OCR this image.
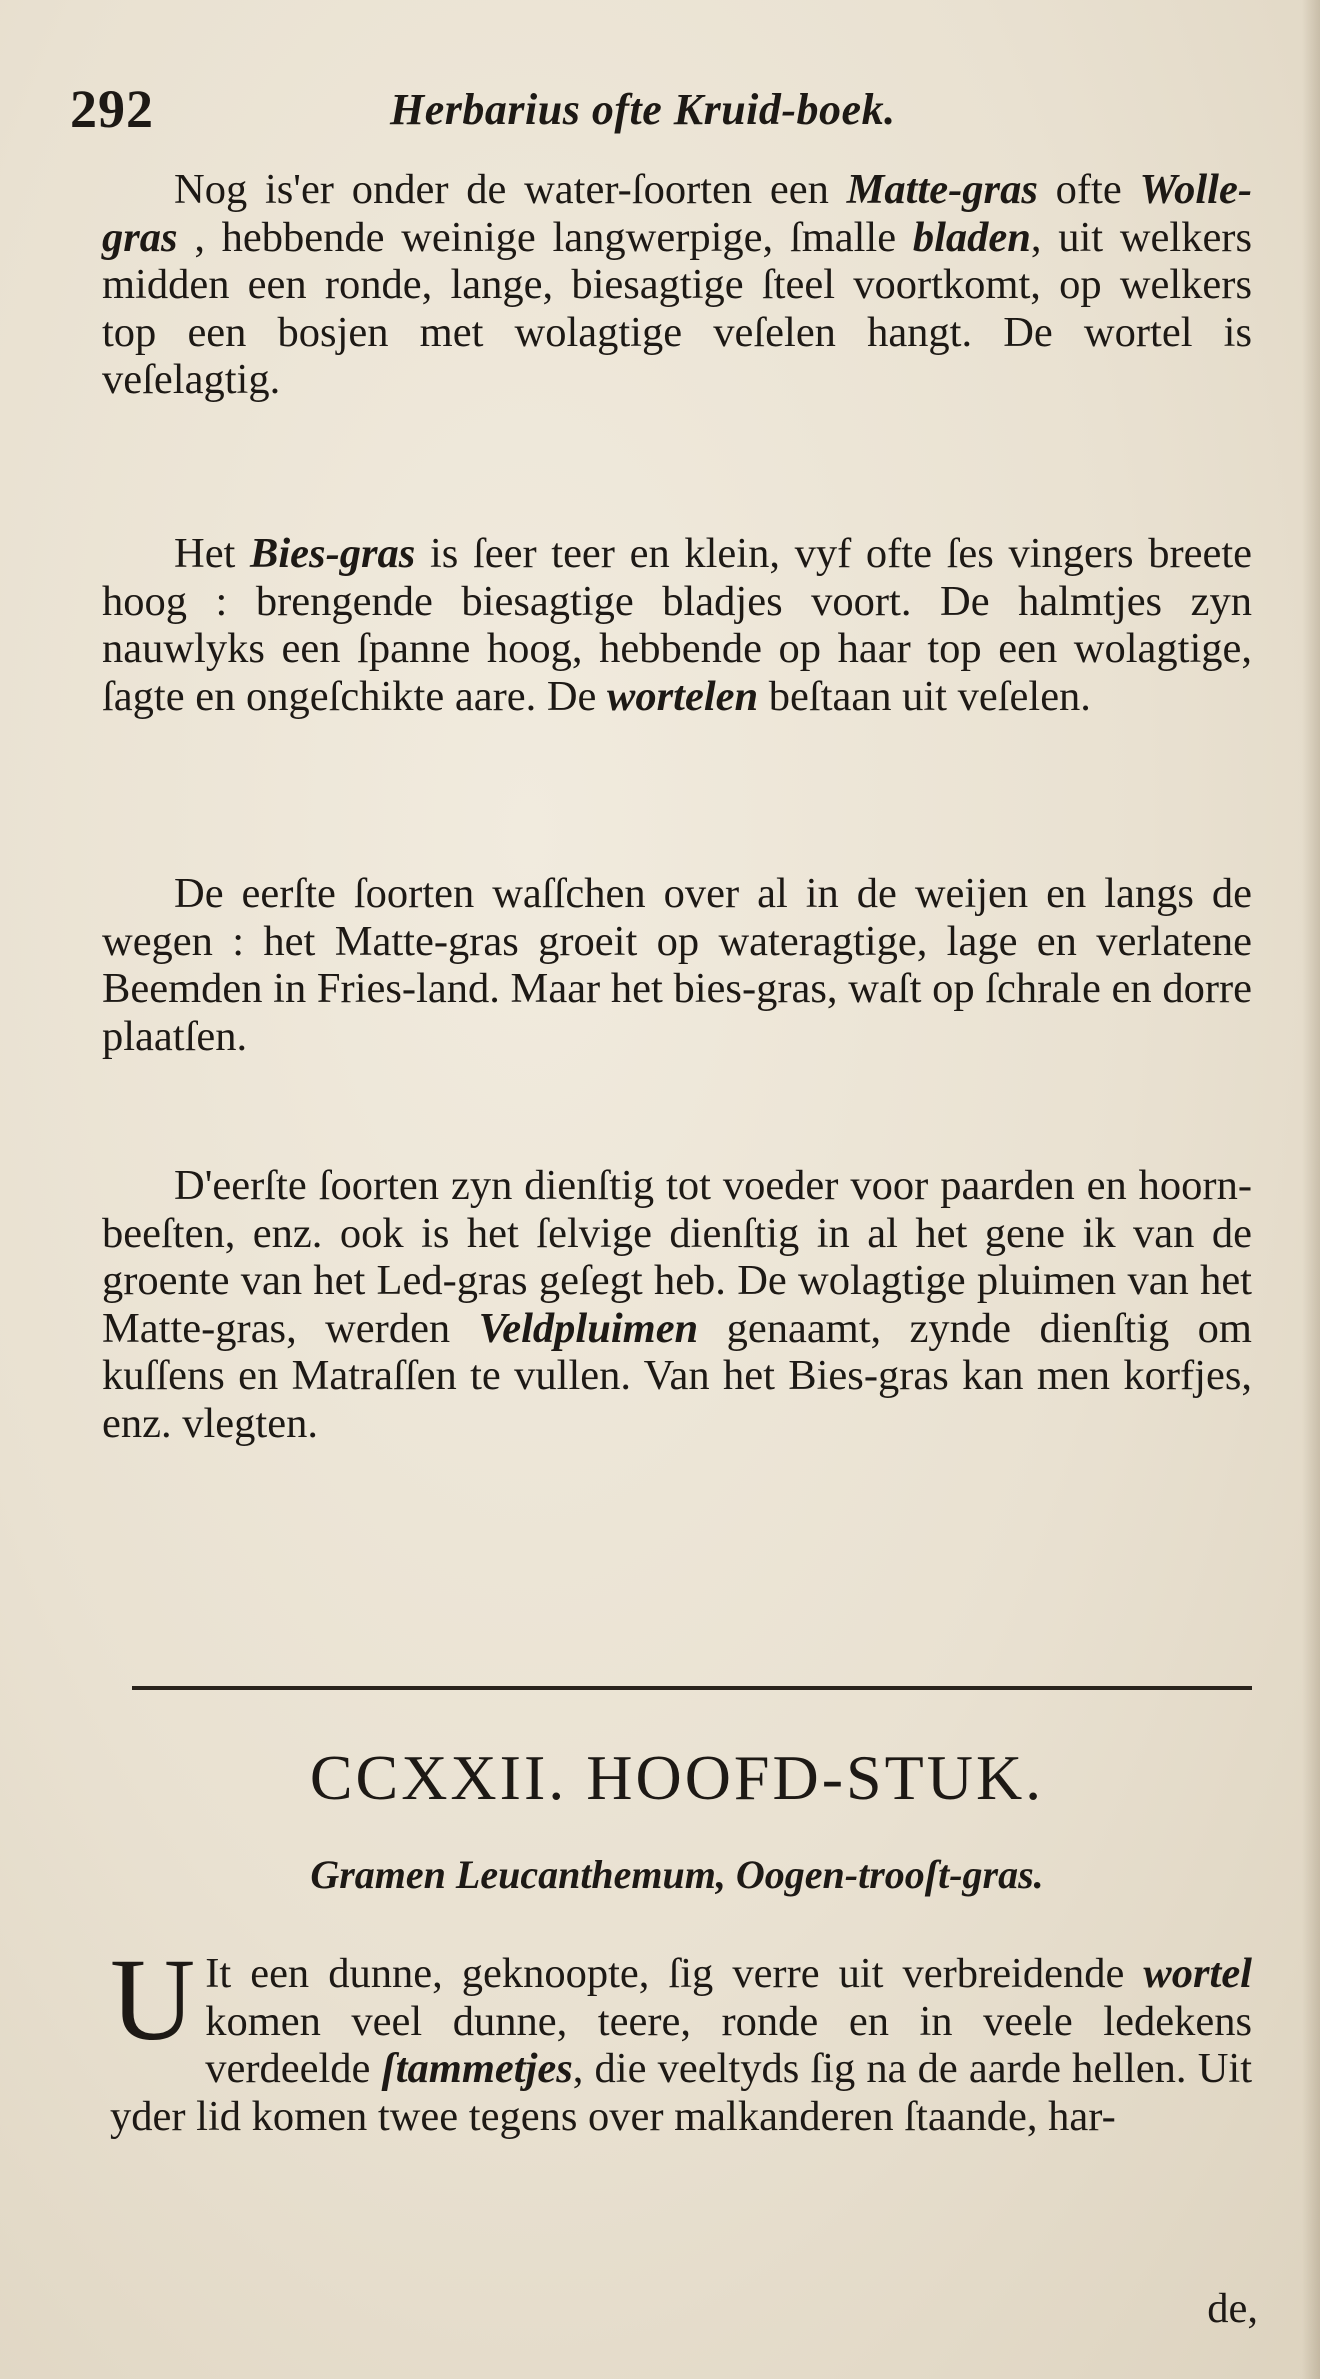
292	Herbarius ofte Kruid-boek.

Nog is'er onder de water-ſoorten een Matte-gras ofte Wolle-gras , hebbende weinige langwerpige, ſmalle bladen, uit welkers midden een ronde, lange, biesagtige ſteel voortkomt, op welkers top een bosjen met wolagtige veſelen hangt. De wortel is veſelagtig.

Het Bies-gras is ſeer teer en klein, vyf ofte ſes vingers breete hoog : brengende biesagtige bladjes voort. De halmtjes zyn nauwlyks een ſpanne hoog, hebbende op haar top een wolagtige, ſagte en ongeſchikte aare. De wortelen beſtaan uit veſelen.

De eerſte ſoorten waſſchen over al in de weijen en langs de wegen : het Matte-gras groeit op wateragtige, lage en verlatene Beemden in Fries-land. Maar het bies-gras, waſt op ſchrale en dorre plaatſen.

D'eerſte ſoorten zyn dienſtig tot voeder voor paarden en hoorn-beeſten, enz. ook is het ſelvige dienſtig in al het gene ik van de groente van het Led-gras geſegt heb. De wolagtige pluimen van het Matte-gras, werden Veldpluimen genaamt, zynde dienſtig om kuſſens en Matraſſen te vullen. Van het Bies-gras kan men korfjes, enz. vlegten.

CCXXII. HOOFD-STUK.
Gramen Leucanthemum, Oogen-trooſt-gras.
U It een dunne, geknoopte, ſig verre uit verbreidende wortel komen veel dunne, teere, ronde en in veele ledekens verdeelde ſtammetjes, die veeltyds ſig na de aarde hellen. Uit yder lid komen twee tegens over malkanderen ſtaande, har-
de,
